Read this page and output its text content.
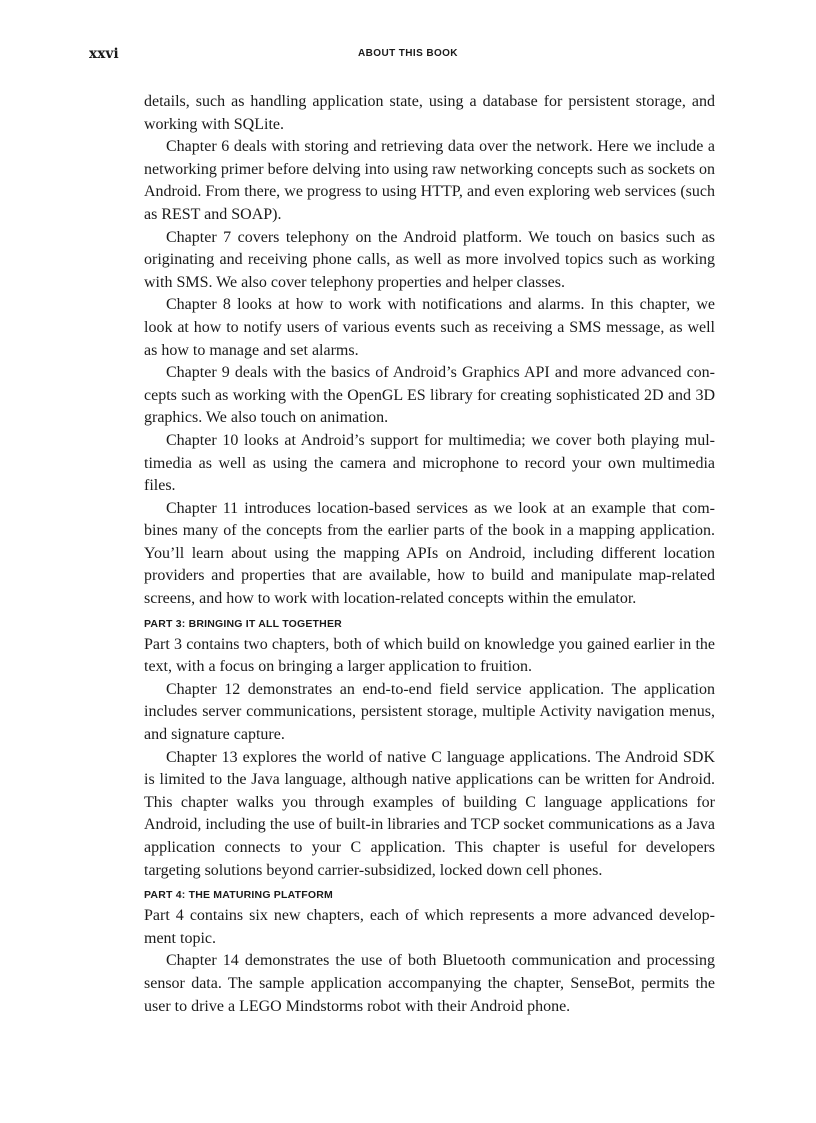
xxvi	ABOUT THIS BOOK

details, such as handling application state, using a database for persistent storage, and working with SQLite.

Chapter 6 deals with storing and retrieving data over the network. Here we include a networking primer before delving into using raw networking concepts such as sockets on Android. From there, we progress to using HTTP, and even exploring web services (such as REST and SOAP).

Chapter 7 covers telephony on the Android platform. We touch on basics such as originating and receiving phone calls, as well as more involved topics such as working with SMS. We also cover telephony properties and helper classes.

Chapter 8 looks at how to work with notifications and alarms. In this chapter, we look at how to notify users of various events such as receiving a SMS message, as well as how to manage and set alarms.

Chapter 9 deals with the basics of Android’s Graphics API and more advanced concepts such as working with the OpenGL ES library for creating sophisticated 2D and 3D graphics. We also touch on animation.

Chapter 10 looks at Android’s support for multimedia; we cover both playing multimedia as well as using the camera and microphone to record your own multimedia files.

Chapter 11 introduces location-based services as we look at an example that combines many of the concepts from the earlier parts of the book in a mapping application. You’ll learn about using the mapping APIs on Android, including different location providers and properties that are available, how to build and manipulate map-related screens, and how to work with location-related concepts within the emulator.

PART 3: BRINGING IT ALL TOGETHER

Part 3 contains two chapters, both of which build on knowledge you gained earlier in the text, with a focus on bringing a larger application to fruition.

Chapter 12 demonstrates an end-to-end field service application. The application includes server communications, persistent storage, multiple Activity navigation menus, and signature capture.

Chapter 13 explores the world of native C language applications. The Android SDK is limited to the Java language, although native applications can be written for Android. This chapter walks you through examples of building C language applications for Android, including the use of built-in libraries and TCP socket communications as a Java application connects to your C application. This chapter is useful for developers targeting solutions beyond carrier-subsidized, locked down cell phones.

PART 4: THE MATURING PLATFORM

Part 4 contains six new chapters, each of which represents a more advanced development topic.

Chapter 14 demonstrates the use of both Bluetooth communication and processing sensor data. The sample application accompanying the chapter, SenseBot, permits the user to drive a LEGO Mindstorms robot with their Android phone.
